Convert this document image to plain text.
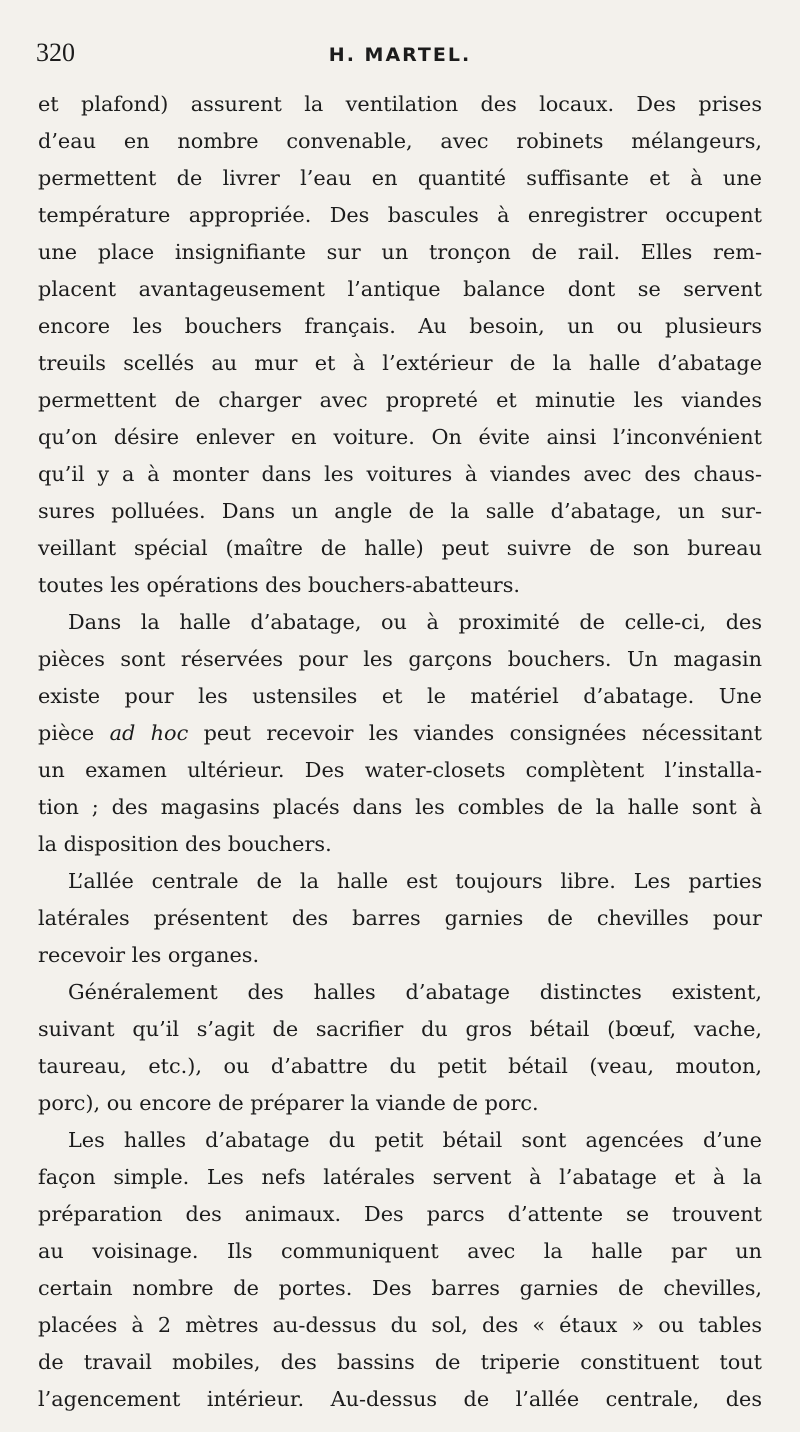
320	H. MARTEL.

et plafond) assurent la ventilation des locaux. Des prises
d’eau en nombre convenable, avec robinets mélangeurs,
permettent de livrer l’eau en quantité suffisante et à une
température appropriée. Des bascules à enregistrer occupent
une place insignifiante sur un tronçon de rail. Elles rem-
placent avantageusement l’antique balance dont se servent
encore les bouchers français. Au besoin, un ou plusieurs
treuils scellés au mur et à l’extérieur de la halle d’abatage
permettent de charger avec propreté et minutie les viandes
qu’on désire enlever en voiture. On évite ainsi l’inconvénient
qu’il y a à monter dans les voitures à viandes avec des chaus-
sures polluées. Dans un angle de la salle d’abatage, un sur-
veillant spécial (maître de halle) peut suivre de son bureau
toutes les opérations des bouchers-abatteurs.

Dans la halle d’abatage, ou à proximité de celle-ci, des
pièces sont réservées pour les garçons bouchers. Un magasin
existe pour les ustensiles et le matériel d’abatage. Une
pièce ad hoc peut recevoir les viandes consignées nécessitant
un examen ultérieur. Des water-closets complètent l’installa-
tion ; des magasins placés dans les combles de la halle sont à
la disposition des bouchers.

L’allée centrale de la halle est toujours libre. Les parties
latérales présentent des barres garnies de chevilles pour
recevoir les organes.

Généralement des halles d’abatage distinctes existent,
suivant qu’il s’agit de sacrifier du gros bétail (bœuf, vache,
taureau, etc.), ou d’abattre du petit bétail (veau, mouton,
porc), ou encore de préparer la viande de porc.

Les halles d’abatage du petit bétail sont agencées d’une
façon simple. Les nefs latérales servent à l’abatage et à la
préparation des animaux. Des parcs d’attente se trouvent
au voisinage. Ils communiquent avec la halle par un
certain nombre de portes. Des barres garnies de chevilles,
placées à 2 mètres au-dessus du sol, des « étaux » ou tables
de travail mobiles, des bassins de triperie constituent tout
l’agencement intérieur. Au-dessus de l’allée centrale, des
